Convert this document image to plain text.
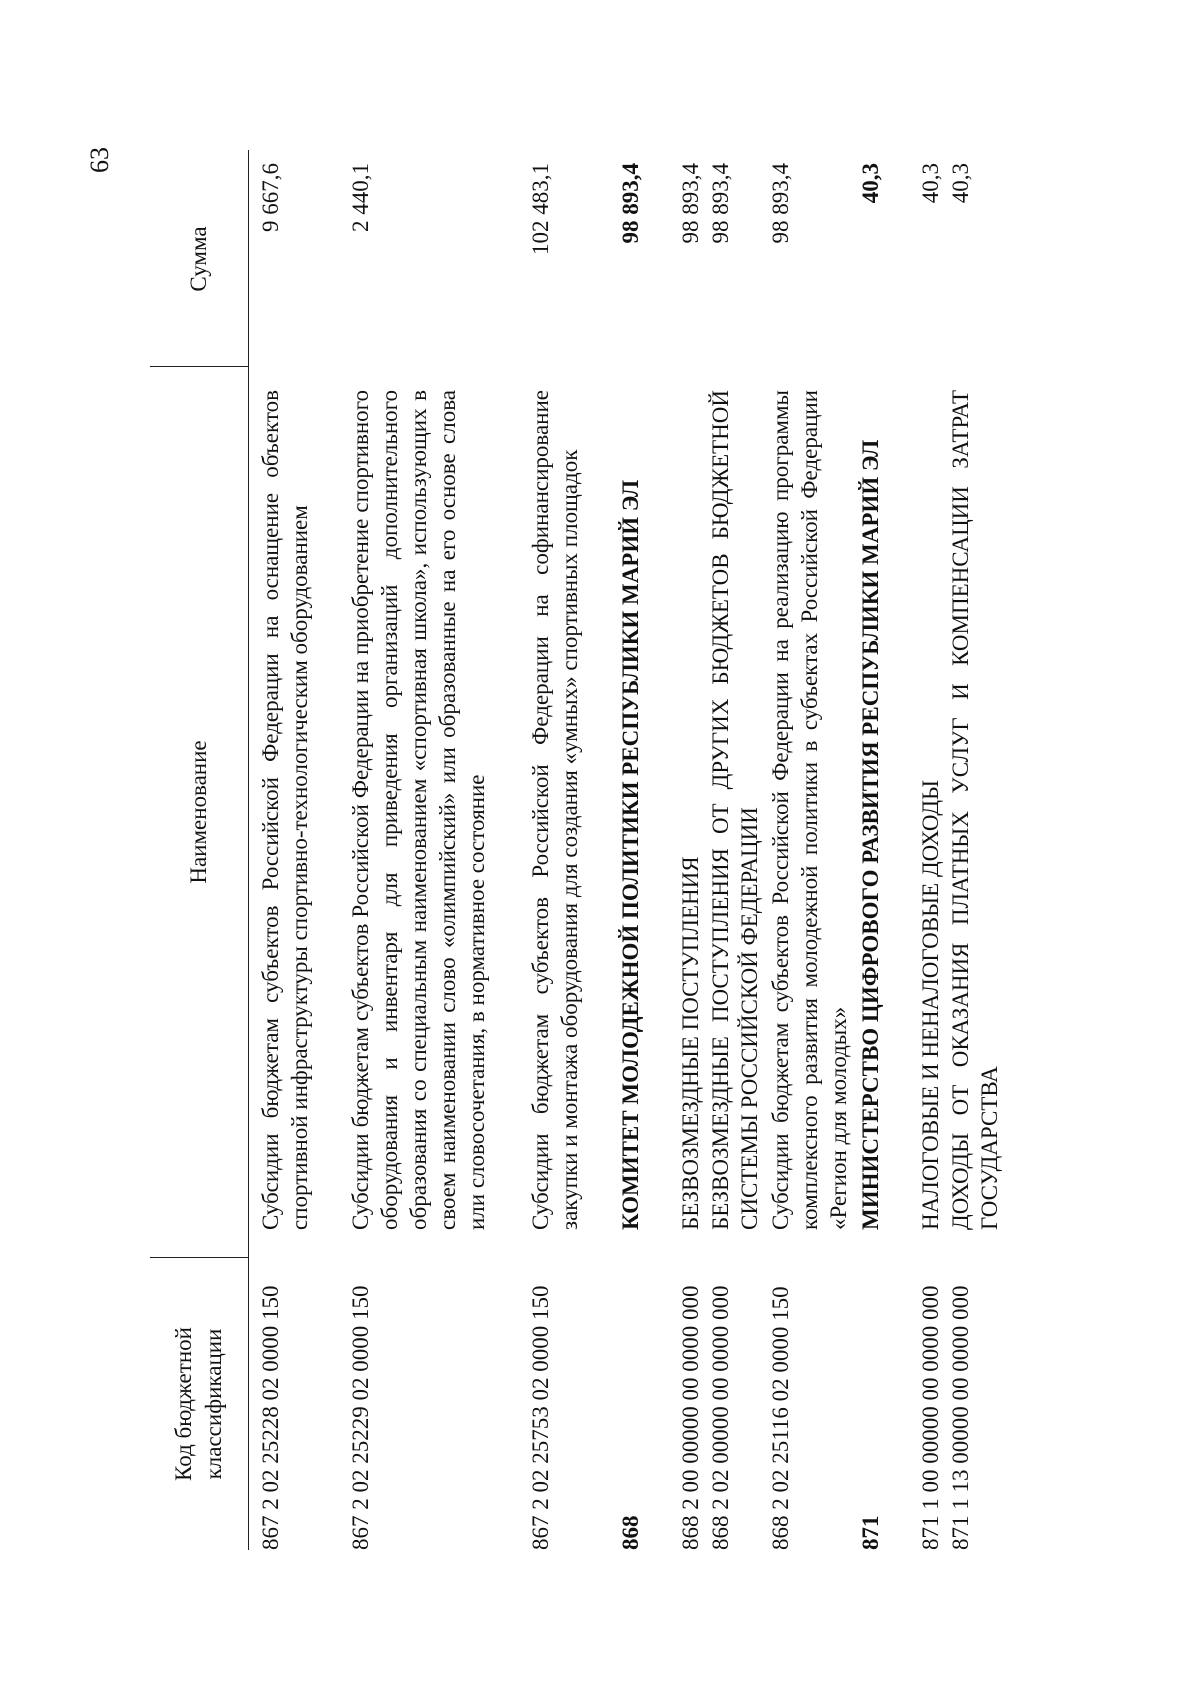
63
Код бюджетной классификации
Наименование
Сумма
867 2 02 25228 02 0000 150
Субсидии бюджетам субъектов Российской Федерации на оснащение объектов спортивной инфраструктуры спортивно-технологическим оборудованием
9 667,6
867 2 02 25229 02 0000 150
Субсидии бюджетам субъектов Российской Федерации на приобретение спортивного оборудования и инвентаря для приведения организаций дополнительного образования со специальным наименованием «спортивная школа», использующих в своем наименовании слово «олимпийский» или образованные на его основе слова или словосочетания, в нормативное состояние
2 440,1
867 2 02 25753 02 0000 150
Субсидии бюджетам субъектов Российской Федерации на софинансирование закупки и монтажа оборудования для создания «умных» спортивных площадок
102 483,1
868
КОМИТЕТ МОЛОДЕЖНОЙ ПОЛИТИКИ РЕСПУБЛИКИ МАРИЙ ЭЛ
98 893,4
868 2 00 00000 00 0000 000
БЕЗВОЗМЕЗДНЫЕ ПОСТУПЛЕНИЯ
98 893,4
868 2 02 00000 00 0000 000
БЕЗВОЗМЕЗДНЫЕ ПОСТУПЛЕНИЯ ОТ ДРУГИХ БЮДЖЕТОВ БЮДЖЕТНОЙ СИСТЕМЫ РОССИЙСКОЙ ФЕДЕРАЦИИ
98 893,4
868 2 02 25116 02 0000 150
Субсидии бюджетам субъектов Российской Федерации на реализацию программы комплексного развития молодежной политики в субъектах Российской Федерации «Регион для молодых»
98 893,4
871
МИНИСТЕРСТВО ЦИФРОВОГО РАЗВИТИЯ РЕСПУБЛИКИ МАРИЙ ЭЛ
40,3
871 1 00 00000 00 0000 000
НАЛОГОВЫЕ И НЕНАЛОГОВЫЕ ДОХОДЫ
40,3
871 1 13 00000 00 0000 000
ДОХОДЫ ОТ ОКАЗАНИЯ ПЛАТНЫХ УСЛУГ И КОМПЕНСАЦИИ ЗАТРАТ ГОСУДАРСТВА
40,3
